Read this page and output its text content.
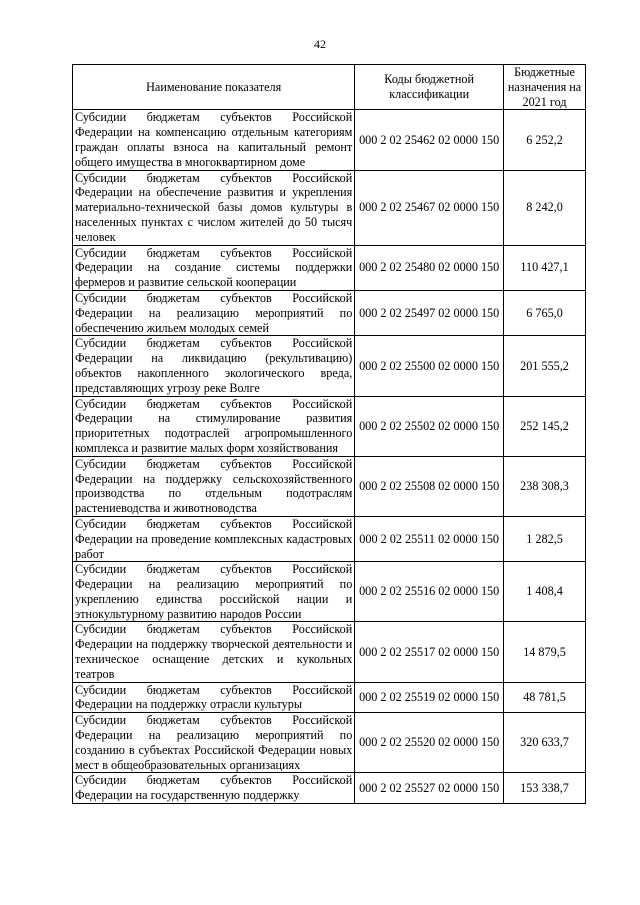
42
Наименование показателя	Коды бюджетной классификации	Бюджетные назначения на 2021 год
Субсидии бюджетам субъектов Российской Федерации на компенсацию отдельным категориям граждан оплаты взноса на капитальный ремонт общего имущества в многоквартирном доме	000 2 02 25462 02 0000 150	6 252,2
Субсидии бюджетам субъектов Российской Федерации на обеспечение развития и укрепления материально-технической базы домов культуры в населенных пунктах с числом жителей до 50 тысяч человек	000 2 02 25467 02 0000 150	8 242,0
Субсидии бюджетам субъектов Российской Федерации на создание системы поддержки фермеров и развитие сельской кооперации	000 2 02 25480 02 0000 150	110 427,1
Субсидии бюджетам субъектов Российской Федерации на реализацию мероприятий по обеспечению жильем молодых семей	000 2 02 25497 02 0000 150	6 765,0
Субсидии бюджетам субъектов Российской Федерации на ликвидацию (рекультивацию) объектов накопленного экологического вреда, представляющих угрозу реке Волге	000 2 02 25500 02 0000 150	201 555,2
Субсидии бюджетам субъектов Российской Федерации на стимулирование развития приоритетных подотраслей агропромышленного комплекса и развитие малых форм хозяйствования	000 2 02 25502 02 0000 150	252 145,2
Субсидии бюджетам субъектов Российской Федерации на поддержку сельскохозяйственного производства по отдельным подотраслям растениеводства и животноводства	000 2 02 25508 02 0000 150	238 308,3
Субсидии бюджетам субъектов Российской Федерации на проведение комплексных кадастровых работ	000 2 02 25511 02 0000 150	1 282,5
Субсидии бюджетам субъектов Российской Федерации на реализацию мероприятий по укреплению единства российской нации и этнокультурному развитию народов России	000 2 02 25516 02 0000 150	1 408,4
Субсидии бюджетам субъектов Российской Федерации на поддержку творческой деятельности и техническое оснащение детских и кукольных театров	000 2 02 25517 02 0000 150	14 879,5
Субсидии бюджетам субъектов Российской Федерации на поддержку отрасли культуры	000 2 02 25519 02 0000 150	48 781,5
Субсидии бюджетам субъектов Российской Федерации на реализацию мероприятий по созданию в субъектах Российской Федерации новых мест в общеобразовательных организациях	000 2 02 25520 02 0000 150	320 633,7
Субсидии бюджетам субъектов Российской Федерации на государственную поддержку	000 2 02 25527 02 0000 150	153 338,7
